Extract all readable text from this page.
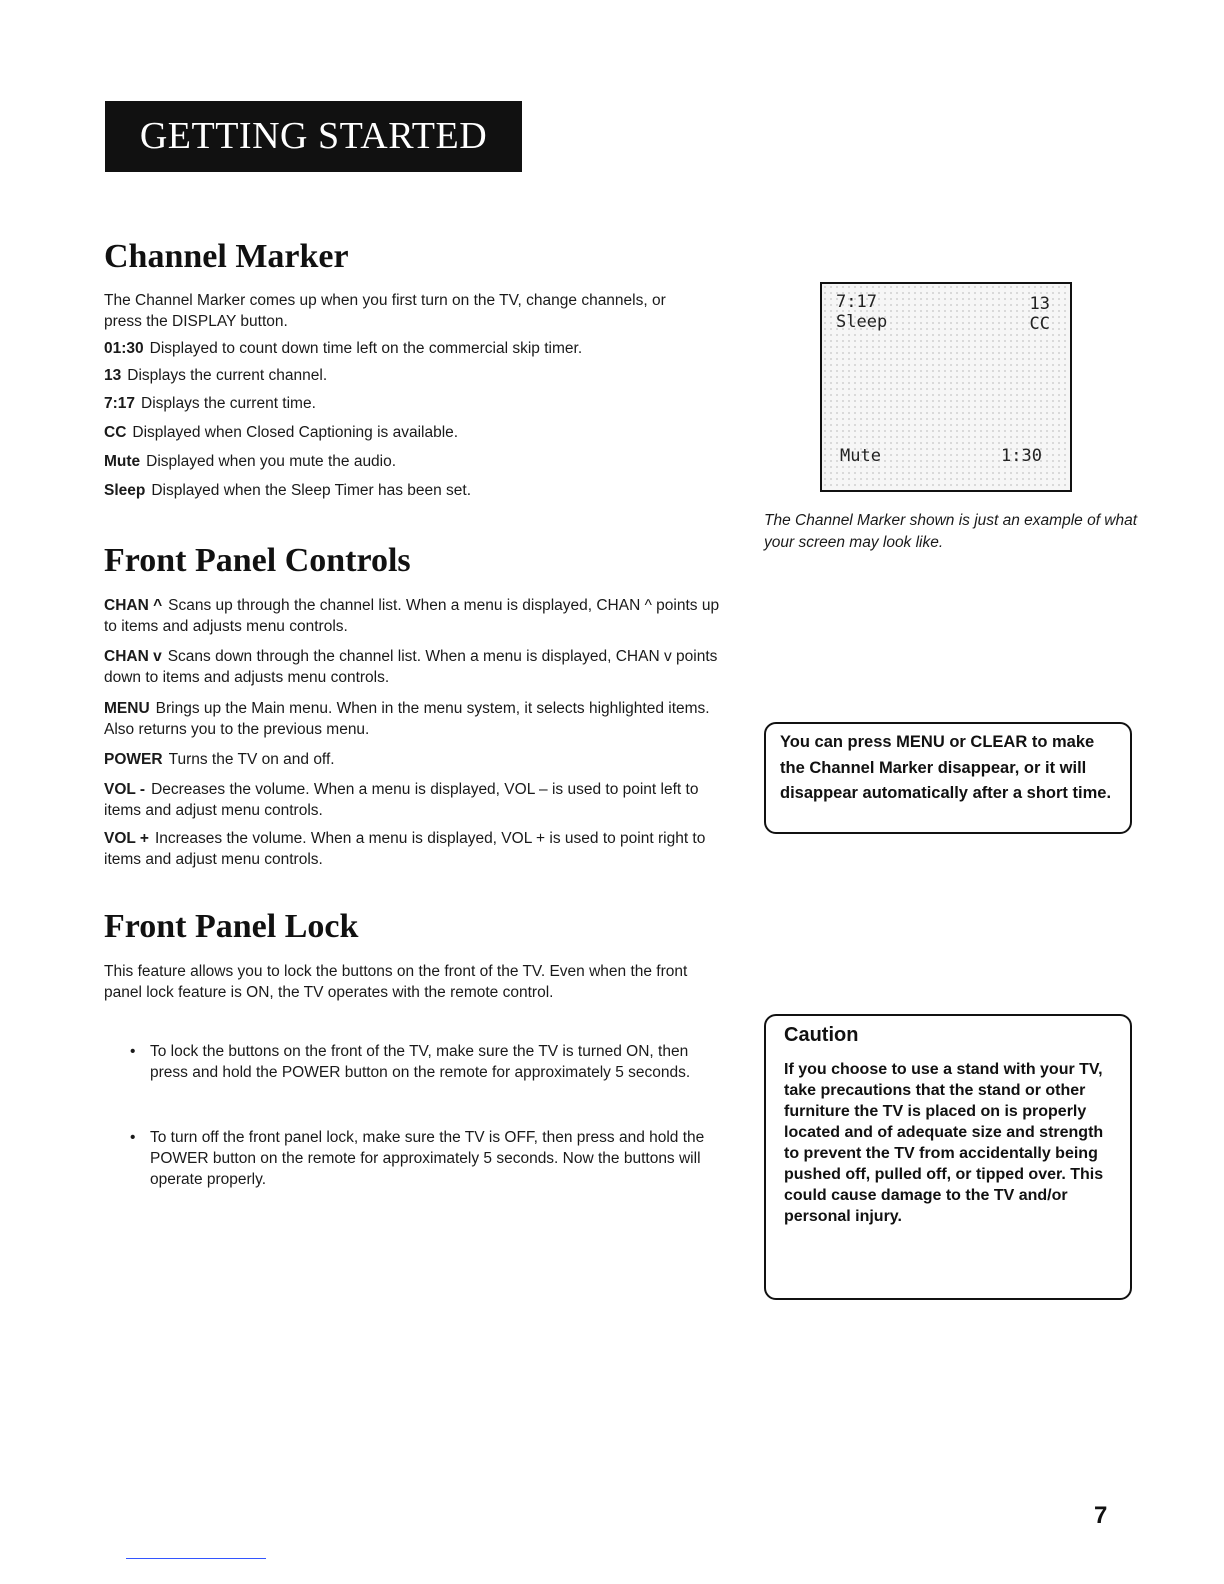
GETTING STARTED
Channel Marker
The Channel Marker comes up when you first turn on the TV, change channels, or press the DISPLAY button.
01:30 Displayed to count down time left on the commercial skip timer.
13 Displays the current channel.
7:17 Displays the current time.
CC Displayed when Closed Captioning is available.
Mute Displayed when you mute the audio.
Sleep Displayed when the Sleep Timer has been set.
7:17	13
Sleep	CC
Mute	1:30
The Channel Marker shown is just an example of what your screen may look like.
Front Panel Controls
CHAN ^ Scans up through the channel list. When a menu is displayed, CHAN ^ points up to items and adjusts menu controls.
CHAN v Scans down through the channel list. When a menu is displayed, CHAN v points down to items and adjusts menu controls.
MENU Brings up the Main menu. When in the menu system, it selects highlighted items. Also returns you to the previous menu.
POWER Turns the TV on and off.
VOL - Decreases the volume. When a menu is displayed, VOL – is used to point left to items and adjust menu controls.
VOL + Increases the volume. When a menu is displayed, VOL + is used to point right to items and adjust menu controls.
You can press MENU or CLEAR to make the Channel Marker disappear, or it will disappear automatically after a short time.
Front Panel Lock
This feature allows you to lock the buttons on the front of the TV. Even when the front panel lock feature is ON, the TV operates with the remote control.
• To lock the buttons on the front of the TV, make sure the TV is turned ON, then press and hold the POWER button on the remote for approximately 5 seconds.
• To turn off the front panel lock, make sure the TV is OFF, then press and hold the POWER button on the remote for approximately 5 seconds. Now the buttons will operate properly.
Caution
If you choose to use a stand with your TV, take precautions that the stand or other furniture the TV is placed on is properly located and of adequate size and strength to prevent the TV from accidentally being pushed off, pulled off, or tipped over. This could cause damage to the TV and/or personal injury.
7
